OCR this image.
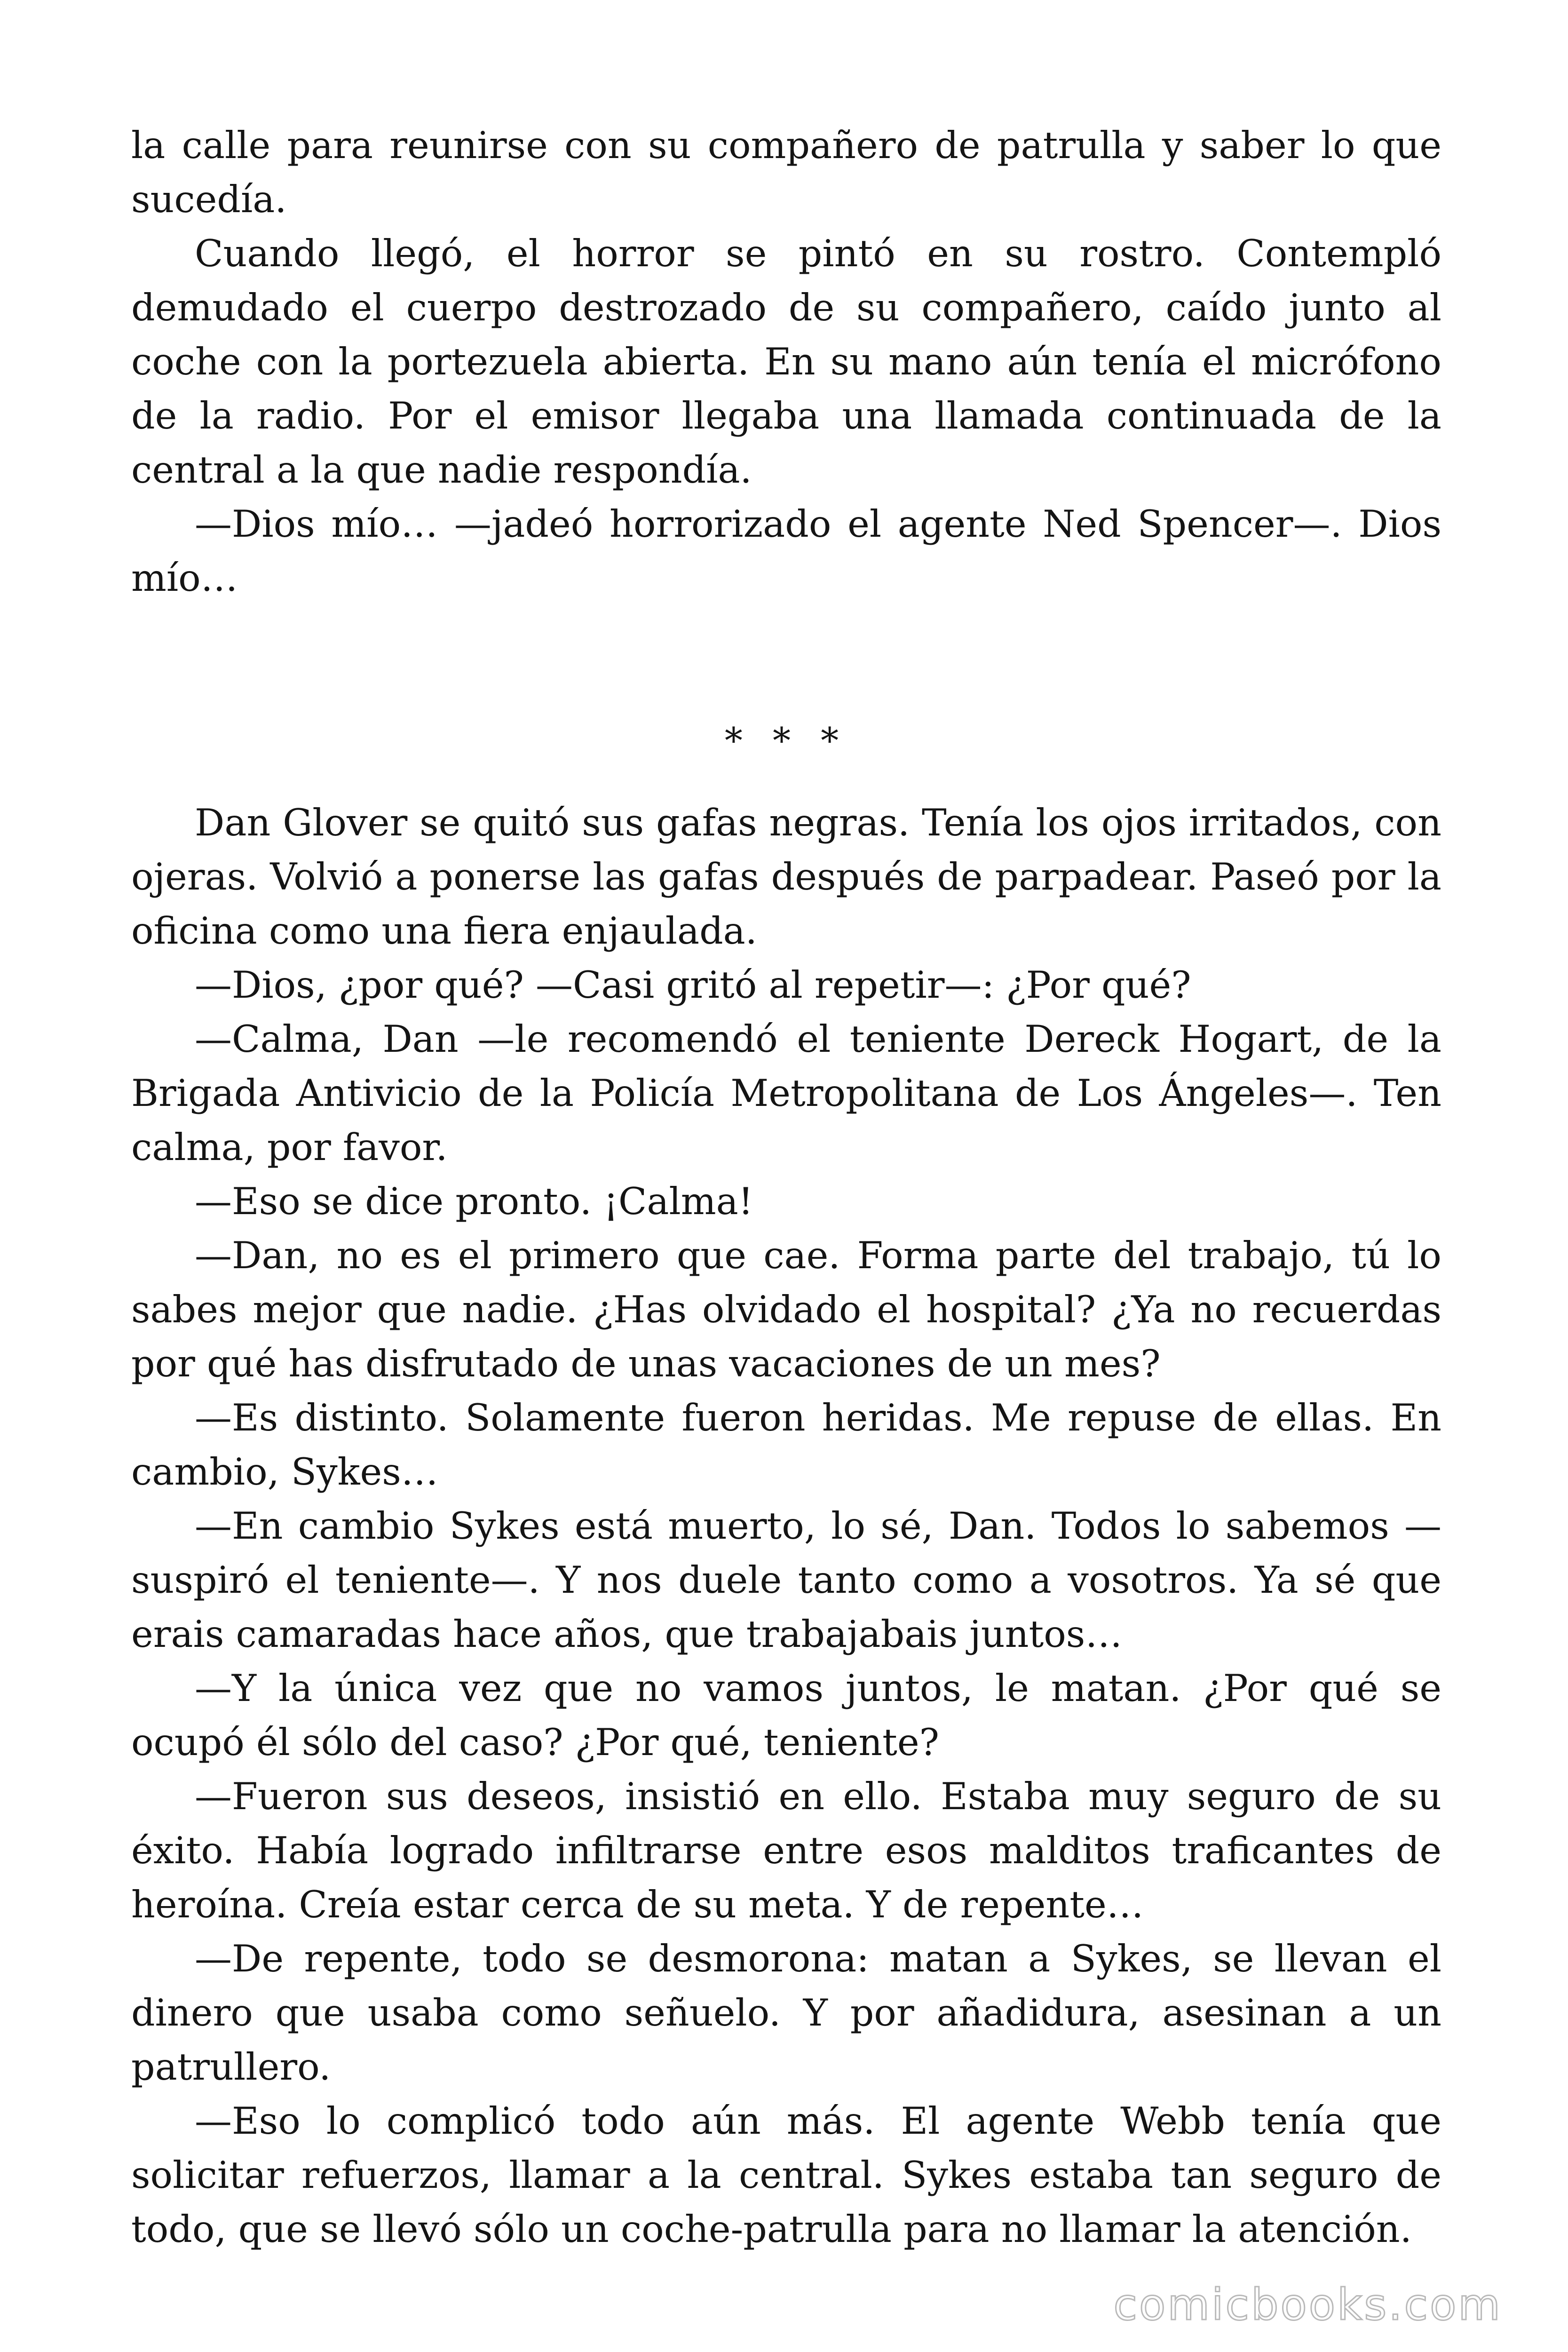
la calle para reunirse con su compañero de patrulla y saber lo que sucedía.

Cuando llegó, el horror se pintó en su rostro. Contempló demudado el cuerpo destrozado de su compañero, caído junto al coche con la portezuela abierta. En su mano aún tenía el micrófono de la radio. Por el emisor llegaba una llamada continuada de la central a la que nadie respondía.

—Dios mío… —jadeó horrorizado el agente Ned Spencer—. Dios mío…

* * *

Dan Glover se quitó sus gafas negras. Tenía los ojos irritados, con ojeras. Volvió a ponerse las gafas después de parpadear. Paseó por la oficina como una fiera enjaulada.

—Dios, ¿por qué? —Casi gritó al repetir—: ¿Por qué?

—Calma, Dan —le recomendó el teniente Dereck Hogart, de la Brigada Antivicio de la Policía Metropolitana de Los Ángeles—. Ten calma, por favor.

—Eso se dice pronto. ¡Calma!

—Dan, no es el primero que cae. Forma parte del trabajo, tú lo sabes mejor que nadie. ¿Has olvidado el hospital? ¿Ya no recuerdas por qué has disfrutado de unas vacaciones de un mes?

—Es distinto. Solamente fueron heridas. Me repuse de ellas. En cambio, Sykes…

—En cambio Sykes está muerto, lo sé, Dan. Todos lo sabemos — suspiró el teniente—. Y nos duele tanto como a vosotros. Ya sé que erais camaradas hace años, que trabajabais juntos…

—Y la única vez que no vamos juntos, le matan. ¿Por qué se ocupó él sólo del caso? ¿Por qué, teniente?

—Fueron sus deseos, insistió en ello. Estaba muy seguro de su éxito. Había logrado infiltrarse entre esos malditos traficantes de heroína. Creía estar cerca de su meta. Y de repente…

—De repente, todo se desmorona: matan a Sykes, se llevan el dinero que usaba como señuelo. Y por añadidura, asesinan a un patrullero.

—Eso lo complicó todo aún más. El agente Webb tenía que solicitar refuerzos, llamar a la central. Sykes estaba tan seguro de todo, que se llevó sólo un coche-patrulla para no llamar la atención.

comicbooks.com
